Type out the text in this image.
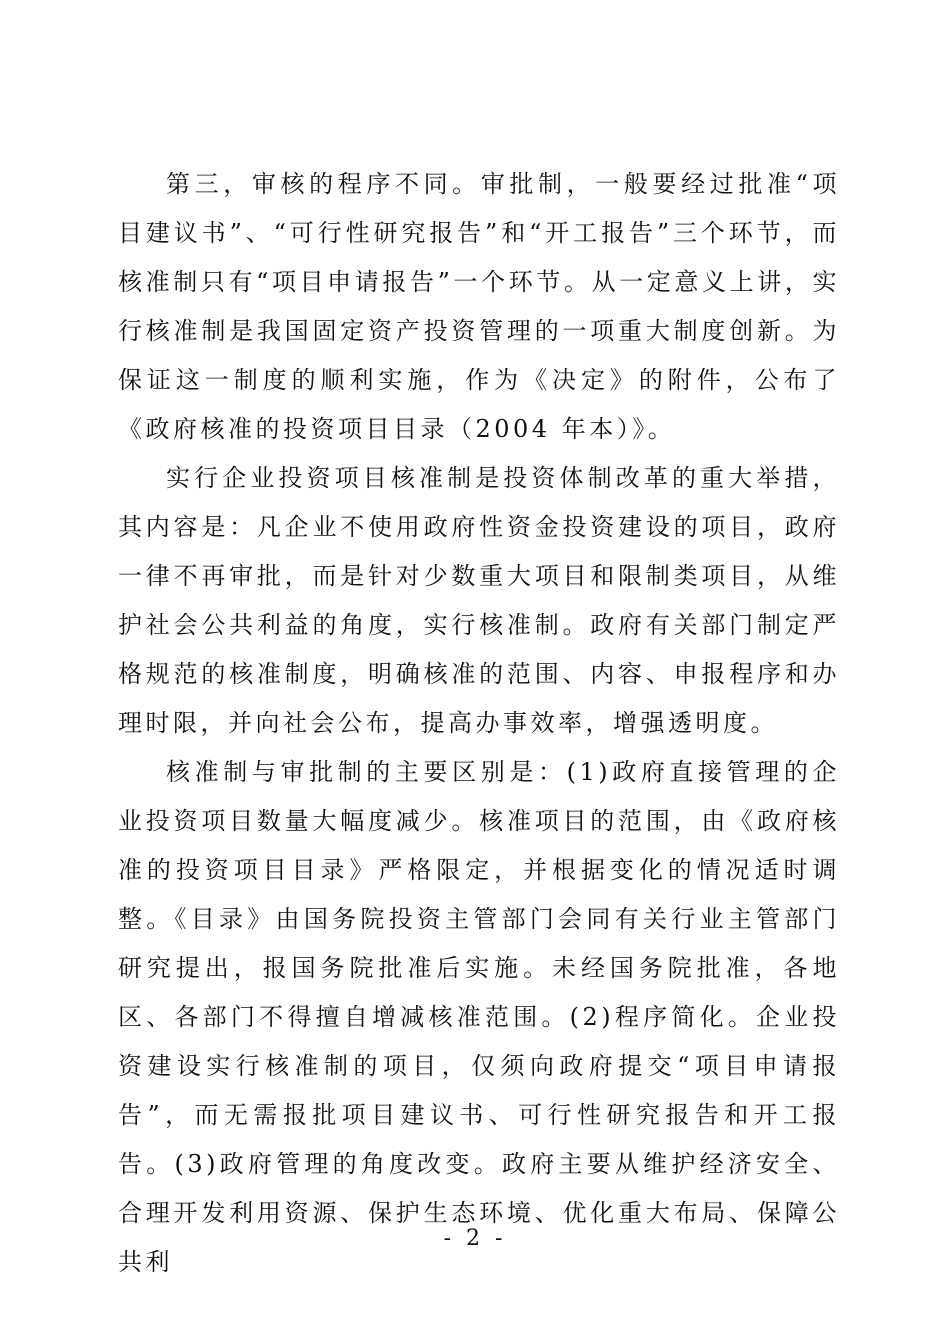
第三，审核的程序不同。审批制，一般要经过批准“项目建议书”、“可行性研究报告”和“开工报告”三个环节，而核准制只有“项目申请报告”一个环节。从一定意义上讲，实行核准制是我国固定资产投资管理的一项重大制度创新。为保证这一制度的顺利实施，作为《决定》的附件，公布了《政府核准的投资项目目录（2004 年本）》。

实行企业投资项目核准制是投资体制改革的重大举措，其内容是：凡企业不使用政府性资金投资建设的项目，政府一律不再审批，而是针对少数重大项目和限制类项目，从维护社会公共利益的角度，实行核准制。政府有关部门制定严格规范的核准制度，明确核准的范围、内容、申报程序和办理时限，并向社会公布，提高办事效率，增强透明度。

核准制与审批制的主要区别是：(1)政府直接管理的企业投资项目数量大幅度减少。核准项目的范围，由《政府核准的投资项目目录》严格限定，并根据变化的情况适时调整。《目录》由国务院投资主管部门会同有关行业主管部门研究提出，报国务院批准后实施。未经国务院批准，各地区、各部门不得擅自增减核准范围。(2)程序简化。企业投资建设实行核准制的项目，仅须向政府提交“项目申请报告”，而无需报批项目建议书、可行性研究报告和开工报告。(3)政府管理的角度改变。政府主要从维护经济安全、合理开发利用资源、保护生态环境、优化重大布局、保障公共利

- 2 -
